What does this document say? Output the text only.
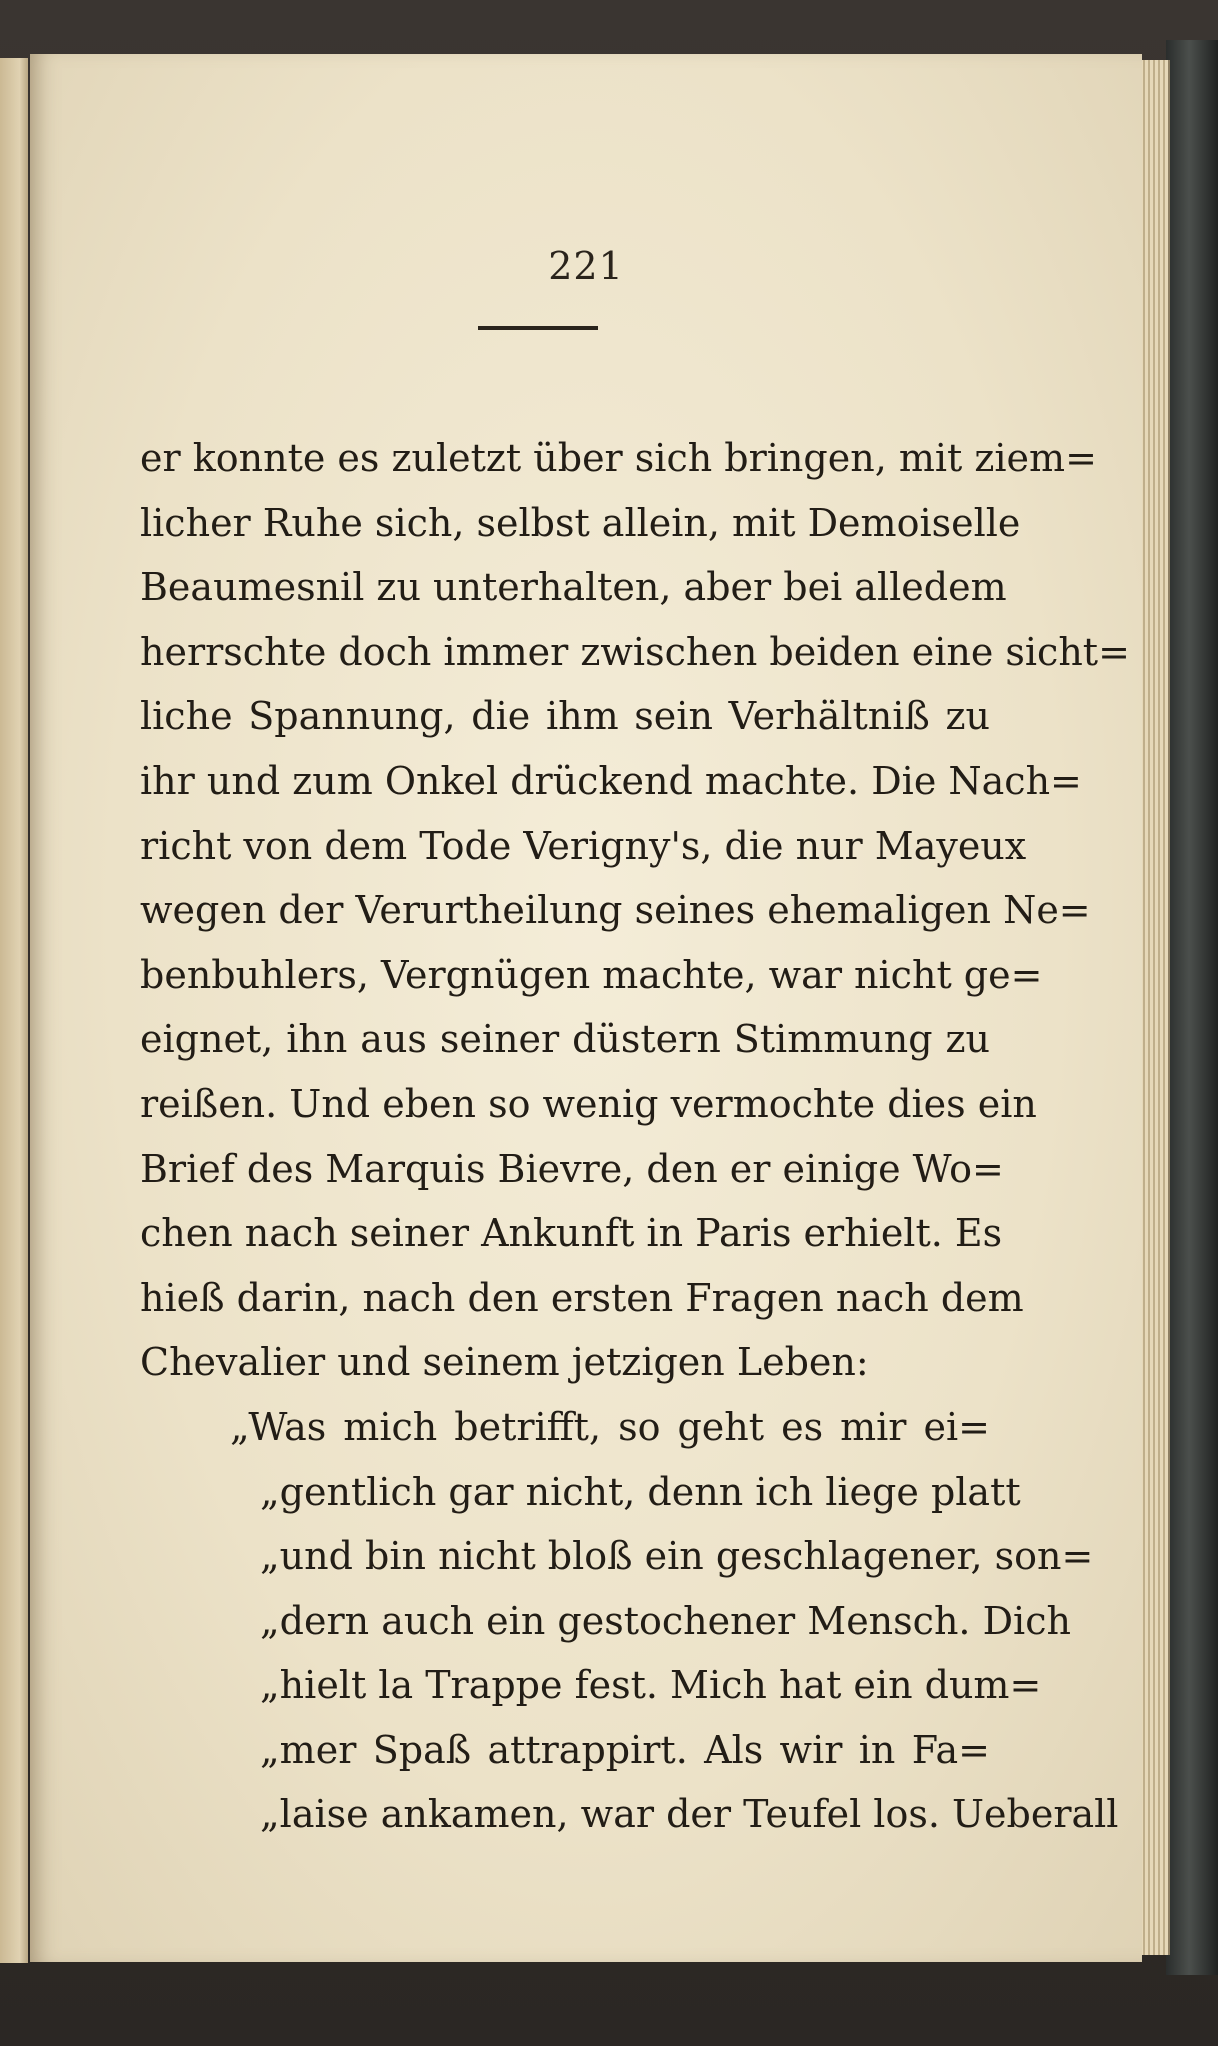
221
er konnte es zuletzt über sich bringen, mit ziem=
licher Ruhe sich, selbst allein, mit Demoiselle
Beaumesnil zu unterhalten, aber bei alledem
herrschte doch immer zwischen beiden eine sicht=
liche Spannung, die ihm sein Verhältniß zu
ihr und zum Onkel drückend machte. Die Nach=
richt von dem Tode Verigny's, die nur Mayeux
wegen der Verurtheilung seines ehemaligen Ne=
benbuhlers, Vergnügen machte, war nicht ge=
eignet, ihn aus seiner düstern Stimmung zu
reißen. Und eben so wenig vermochte dies ein
Brief des Marquis Bievre, den er einige Wo=
chen nach seiner Ankunft in Paris erhielt. Es
hieß darin, nach den ersten Fragen nach dem
Chevalier und seinem jetzigen Leben:
„Was mich betrifft, so geht es mir ei=
„gentlich gar nicht, denn ich liege platt
„und bin nicht bloß ein geschlagener, son=
„dern auch ein gestochener Mensch. Dich
„hielt la Trappe fest. Mich hat ein dum=
„mer Spaß attrappirt. Als wir in Fa=
„laise ankamen, war der Teufel los. Ueberall
